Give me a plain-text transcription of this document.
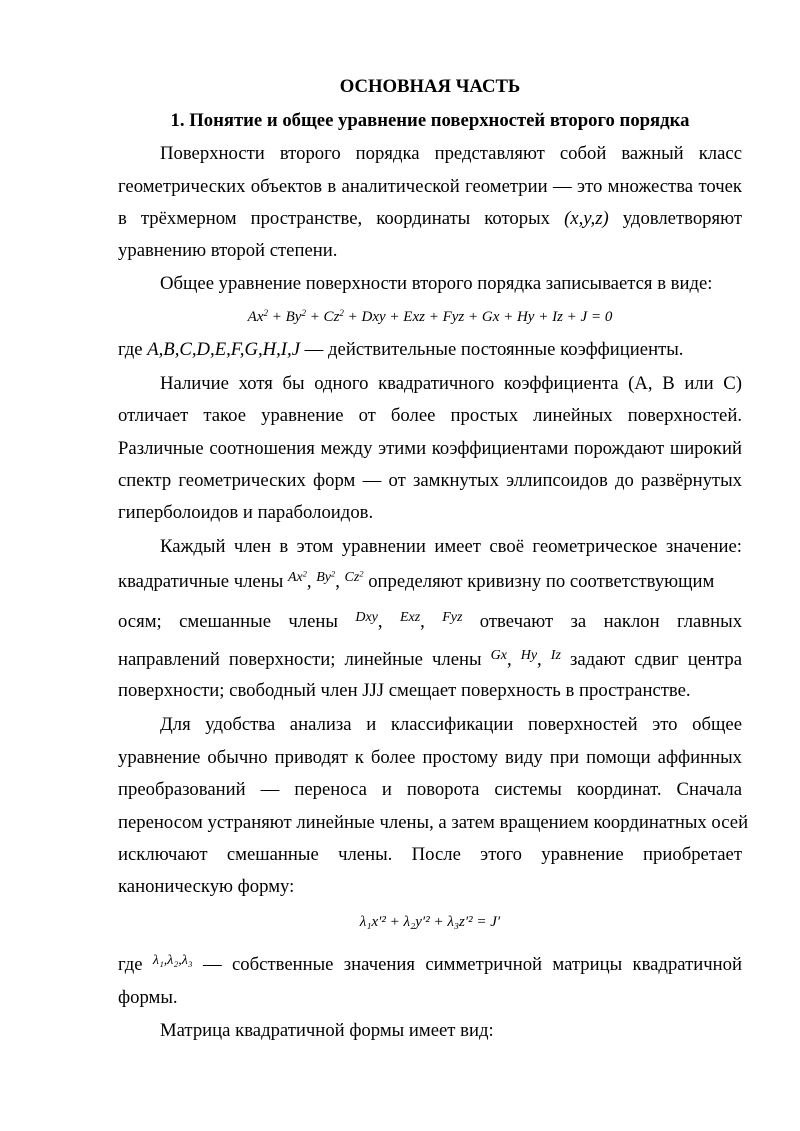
ОСНОВНАЯ ЧАСТЬ
1. Понятие и общее уравнение поверхностей второго порядка
Поверхности второго порядка представляют собой важный класс
геометрических объектов в аналитической геометрии — это множества точек
в трёхмерном пространстве, координаты которых (x,y,z) удовлетворяют
уравнению второй степени.
Общее уравнение поверхности второго порядка записывается в виде:
$Ax^2 + By^2 + Cz^2$ + Dxy + Exz + Fyz + Gx + Hy + Iz + J = 0
где A,B,C,D,E,F,G,H,I,J — действительные постоянные коэффициенты.
Наличие хотя бы одного квадратичного коэффициента (A, B или C)
отличает такое уравнение от более простых линейных поверхностей.
Различные соотношения между этими коэффициентами порождают широкий
спектр геометрических форм — от замкнутых эллипсоидов до развёрнутых
гиперболоидов и параболоидов.
Каждый член в этом уравнении имеет своё геометрическое значение:
квадратичные члены $^{Ax^2}$, $^{By^2}$, $^{Cz^2}$ определяют кривизну по соответствующим
осям; смешанные члены $^{Dxy}$, $^{Exz}$, $^{Fyz}$ отвечают за наклон главных
направлений поверхности; линейные члены $^{Gx}$, $^{Hy}$, $^{Iz}$ задают сдвиг центра
поверхности; свободный член JJJ смещает поверхность в пространстве.
Для удобства анализа и классификации поверхностей это общее
уравнение обычно приводят к более простому виду при помощи аффинных
преобразований — переноса и поворота системы координат. Сначала
переносом устраняют линейные члены, а затем вращением координатных осей
исключают смешанные члены. После этого уравнение приобретает
каноническую форму:
λ₁x′² + λ₂y′² + λ₃z′² = J′
где $^{\lambda_1,\lambda_2,\lambda_3}$ — собственные значения симметричной матрицы квадратичной
формы.
Матрица квадратичной формы имеет вид:
